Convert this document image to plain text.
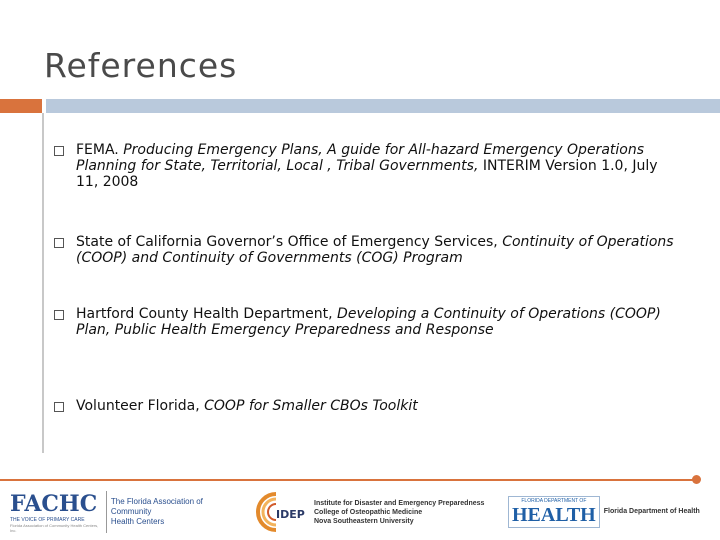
References
FEMA. Producing Emergency Plans, A guide for All-hazard Emergency Operations Planning for State, Territorial, Local , Tribal Governments, INTERIM Version 1.0, July 11, 2008
State of California Governor’s Office of Emergency Services, Continuity of Operations (COOP) and Continuity of Governments (COG) Program
Hartford County Health Department, Developing a Continuity of Operations (COOP) Plan, Public Health Emergency Preparedness and Response
Volunteer Florida, COOP for Smaller CBOs Toolkit
FACHC
THE VOICE OF PRIMARY CARE
Florida Association of Community Health Centers, Inc.
The Florida Association of Community
Health Centers
IDEP
Institute for Disaster and Emergency Preparedness
College of Osteopathic Medicine
Nova Southeastern University
FLORIDA DEPARTMENT OF
HEALTH Florida Department of Health
